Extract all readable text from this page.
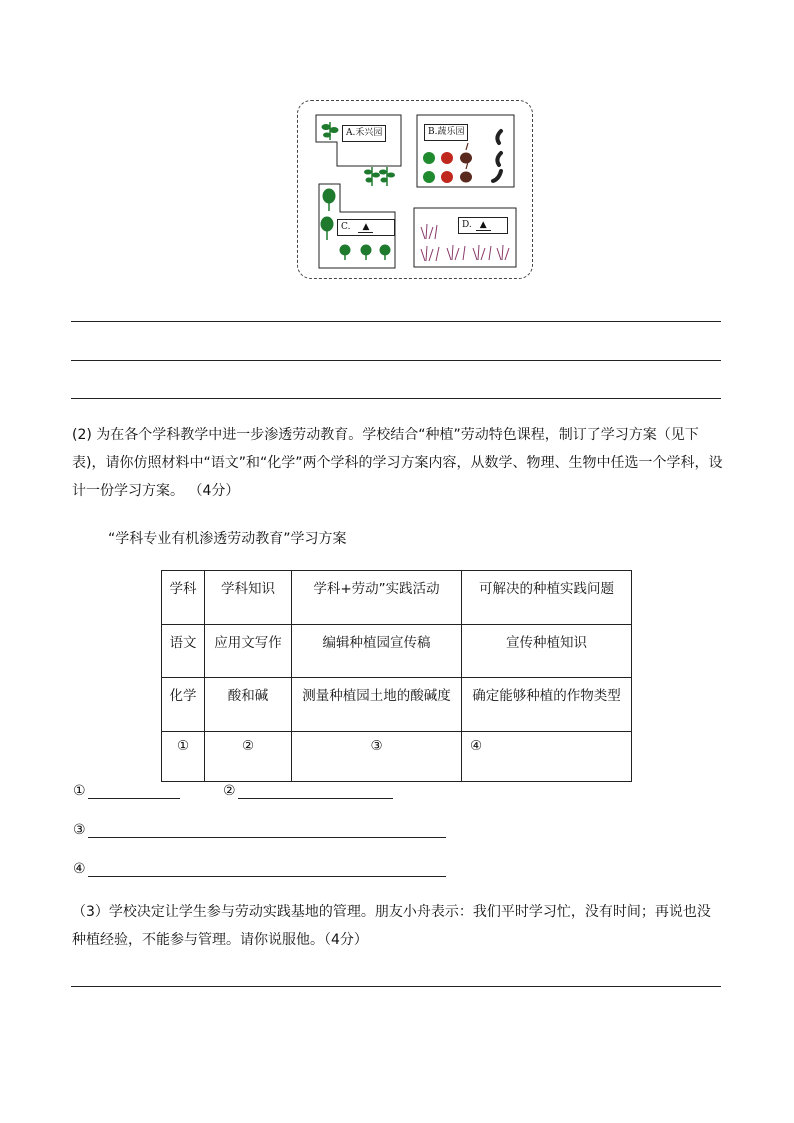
A.禾兴园	B.蔬乐园
C. ▲	D. ▲
(2) 为在各个学科教学中进一步渗透劳动教育。学校结合“种植”劳动特色课程，制订了学习方案（见下表)，请你仿照材料中“语文”和“化学”两个学科的学习方案内容，从数学、物理、生物中任选一个学科，设计一份学习方案。 （4分）
“学科专业有机渗透劳动教育”学习方案
学科	学科知识	学科+劳动”实践活动	可解决的种植实践问题
语文	应用文写作	编辑种植园宣传稿	宣传种植知识
化学	酸和碱	测量种植园土地的酸碱度	确定能够种植的作物类型
①	②	③	④
①	②
③
④
（3）学校决定让学生参与劳动实践基地的管理。朋友小舟表示：我们平时学习忙，没有时间；再说也没种植经验，不能参与管理。请你说服他。（4分）
